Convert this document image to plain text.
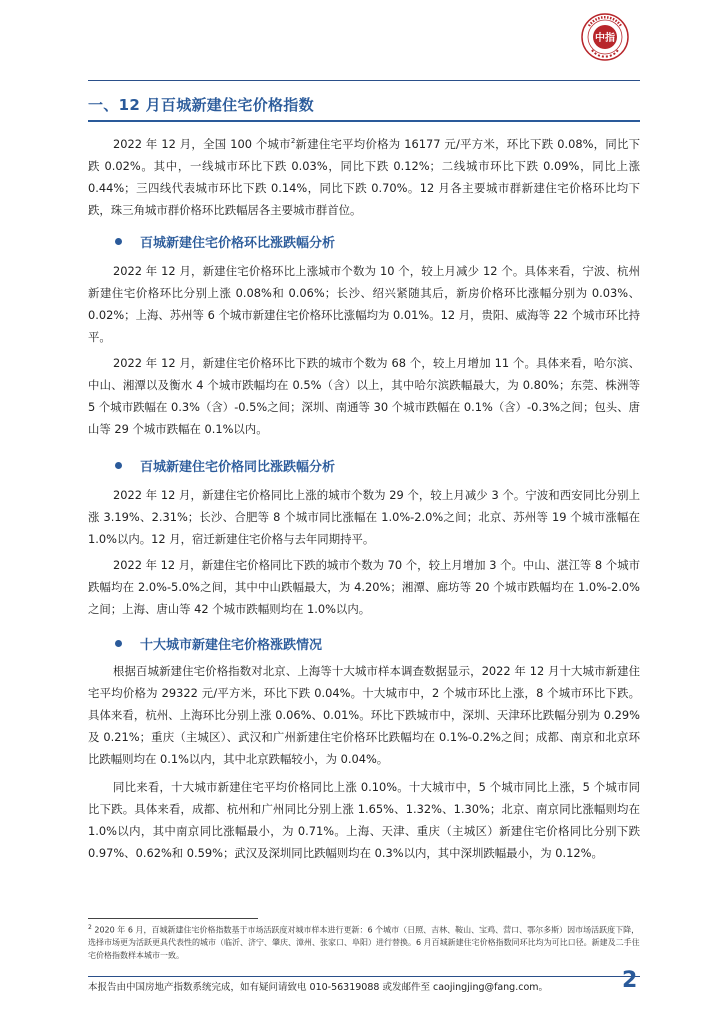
中指
一、12 月百城新建住宅价格指数

2022 年 12 月，全国 100 个城市$^2$新建住宅平均价格为 16177 元/平方米，环比下跌 0.08%，同比下跌 0.02%。其中，一线城市环比下跌 0.03%，同比下跌 0.12%；二线城市环比下跌 0.09%，同比上涨 0.44%；三四线代表城市环比下跌 0.14%，同比下跌 0.70%。12 月各主要城市群新建住宅价格环比均下跌，珠三角城市群价格环比跌幅居各主要城市群首位。

百城新建住宅价格环比涨跌幅分析

2022 年 12 月，新建住宅价格环比上涨城市个数为 10 个，较上月减少 12 个。具体来看，宁波、杭州新建住宅价格环比分别上涨 0.08%和 0.06%；长沙、绍兴紧随其后，新房价格环比涨幅分别为 0.03%、0.02%；上海、苏州等 6 个城市新建住宅价格环比涨幅均为 0.01%。12 月，贵阳、威海等 22 个城市环比持平。

2022 年 12 月，新建住宅价格环比下跌的城市个数为 68 个，较上月增加 11 个。具体来看，哈尔滨、中山、湘潭以及衡水 4 个城市跌幅均在 0.5%（含）以上，其中哈尔滨跌幅最大，为 0.80%；东莞、株洲等 5 个城市跌幅在 0.3%（含）-0.5%之间；深圳、南通等 30 个城市跌幅在 0.1%（含）-0.3%之间；包头、唐山等 29 个城市跌幅在 0.1%以内。

百城新建住宅价格同比涨跌幅分析

2022 年 12 月，新建住宅价格同比上涨的城市个数为 29 个，较上月减少 3 个。宁波和西安同比分别上涨 3.19%、2.31%；长沙、合肥等 8 个城市同比涨幅在 1.0%-2.0%之间；北京、苏州等 19 个城市涨幅在 1.0%以内。12 月，宿迁新建住宅价格与去年同期持平。

2022 年 12 月，新建住宅价格同比下跌的城市个数为 70 个，较上月增加 3 个。中山、湛江等 8 个城市跌幅均在 2.0%-5.0%之间，其中中山跌幅最大，为 4.20%；湘潭、廊坊等 20 个城市跌幅均在 1.0%-2.0%之间；上海、唐山等 42 个城市跌幅则均在 1.0%以内。

十大城市新建住宅价格涨跌情况

根据百城新建住宅价格指数对北京、上海等十大城市样本调查数据显示，2022 年 12 月十大城市新建住宅平均价格为 29322 元/平方米，环比下跌 0.04%。十大城市中，2 个城市环比上涨，8 个城市环比下跌。具体来看，杭州、上海环比分别上涨 0.06%、0.01%。环比下跌城市中，深圳、天津环比跌幅分别为 0.29%及 0.21%；重庆（主城区）、武汉和广州新建住宅价格环比跌幅均在 0.1%-0.2%之间；成都、南京和北京环比跌幅则均在 0.1%以内，其中北京跌幅较小，为 0.04%。

同比来看，十大城市新建住宅平均价格同比上涨 0.10%。十大城市中，5 个城市同比上涨，5 个城市同比下跌。具体来看，成都、杭州和广州同比分别上涨 1.65%、1.32%、1.30%；北京、南京同比涨幅则均在 1.0%以内，其中南京同比涨幅最小，为 0.71%。上海、天津、重庆（主城区）新建住宅价格同比分别下跌 0.97%、0.62%和 0.59%；武汉及深圳同比跌幅则均在 0.3%以内，其中深圳跌幅最小，为 0.12%。

$^2$ 2020 年 6 月，百城新建住宅价格指数基于市场活跃度对城市样本进行更新：6 个城市（日照、吉林、鞍山、宝鸡、营口、鄂尔多斯）因市场活跃度下降，选择市场更为活跃更具代表性的城市（临沂、济宁、肇庆、漳州、张家口、阜阳）进行替换。6 月百城新建住宅价格指数同环比均为可比口径。新建及二手住宅价格指数样本城市一致。

本报告由中国房地产指数系统完成，如有疑问请致电 010-56319088 或发邮件至 caojingjing@fang.com。	2
